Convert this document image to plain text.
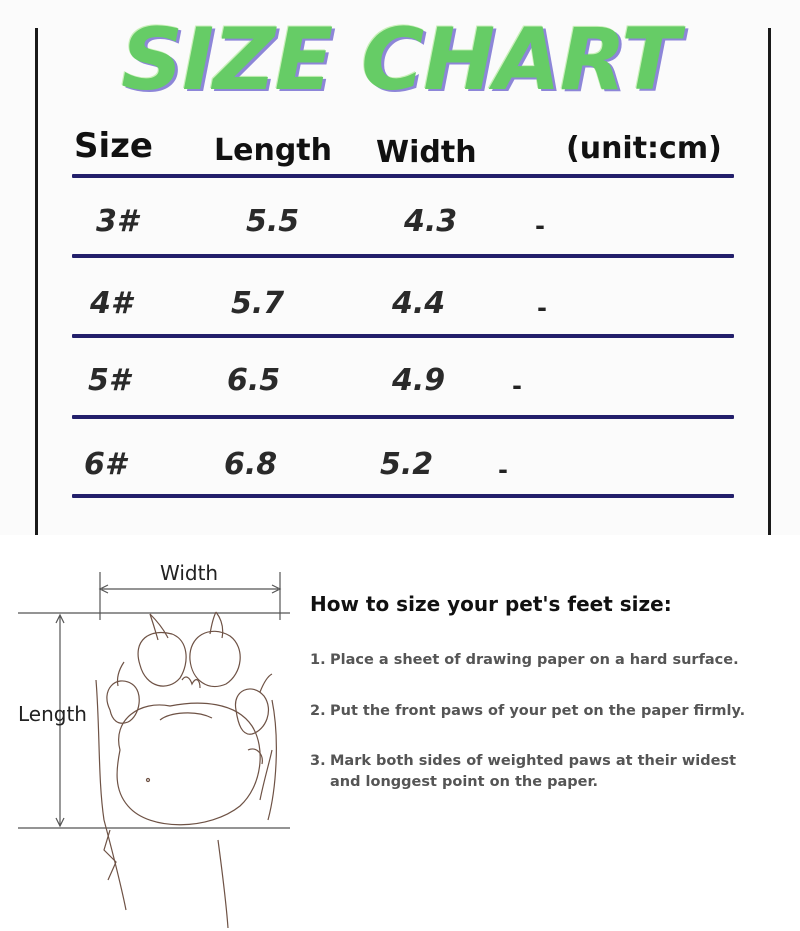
SIZE CHART
Size Length Width	(unit:cm)
3#	5.5	4.3	-
4#	5.7	4.4	-
5#	6.5	4.9	-
6#	6.8	5.2	-
Width
Length
How to size your pet's feet size:
1. Place a sheet of drawing paper on a hard surface.
2. Put the front paws of your pet on the paper firmly.
3. Mark both sides of weighted paws at their widest
and longgest point on the paper.
